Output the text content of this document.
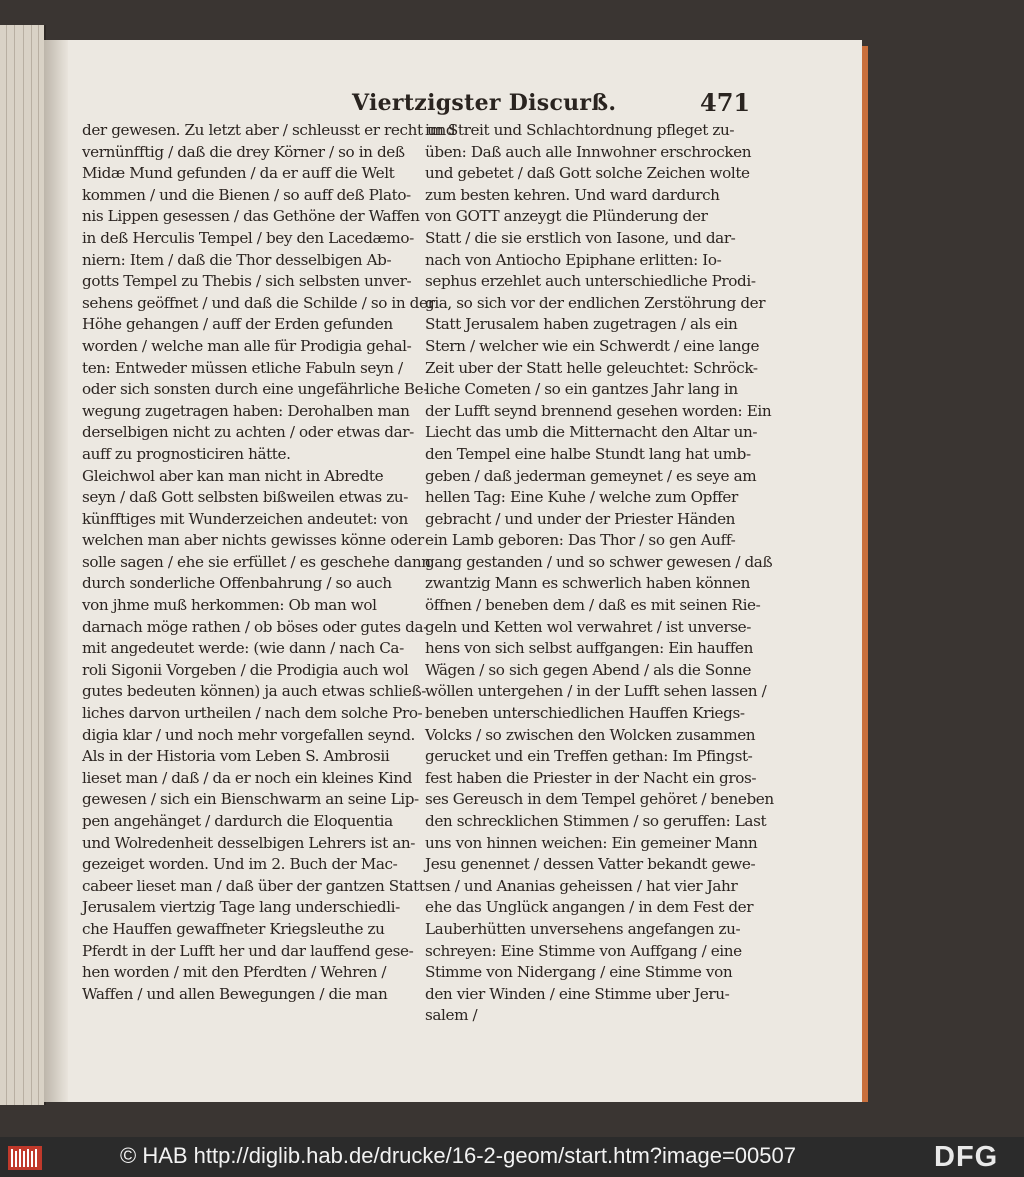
Viertzigster Discurß.	471
der gewesen. Zu letzt aber / schleusst er recht und
vernünfftig / daß die drey Körner / so in deß
Midæ Mund gefunden / da er auff die Welt
kommen / und die Bienen / so auff deß Plato-
nis Lippen gesessen / das Gethöne der Waffen
in deß Herculis Tempel / bey den Lacedæmo-
niern: Item / daß die Thor desselbigen Ab-
gotts Tempel zu Thebis / sich selbsten unver-
sehens geöffnet / und daß die Schilde / so in der
Höhe gehangen / auff der Erden gefunden
worden / welche man alle für Prodigia gehal-
ten: Entweder müssen etliche Fabuln seyn /
oder sich sonsten durch eine ungefährliche Be-
wegung zugetragen haben: Derohalben man
derselbigen nicht zu achten / oder etwas dar-
auff zu prognosticiren hätte.
Gleichwol aber kan man nicht in Abredte
seyn / daß Gott selbsten bißweilen etwas zu-
künfftiges mit Wunderzeichen andeutet: von
welchen man aber nichts gewisses könne oder
solle sagen / ehe sie erfüllet / es geschehe dann
durch sonderliche Offenbahrung / so auch
von jhme muß herkommen: Ob man wol
darnach möge rathen / ob böses oder gutes da-
mit angedeutet werde: (wie dann / nach Ca-
roli Sigonii Vorgeben / die Prodigia auch wol
gutes bedeuten können) ja auch etwas schließ-
liches darvon urtheilen / nach dem solche Pro-
digia klar / und noch mehr vorgefallen seynd.
Als in der Historia vom Leben S. Ambrosii
lieset man / daß / da er noch ein kleines Kind
gewesen / sich ein Bienschwarm an seine Lip-
pen angehänget / dardurch die Eloquentia
und Wolredenheit desselbigen Lehrers ist an-
gezeiget worden. Und im 2. Buch der Mac-
cabeer lieset man / daß über der gantzen Statt
Jerusalem viertzig Tage lang underschiedli-
che Hauffen gewaffneter Kriegsleuthe zu
Pferdt in der Lufft her und dar lauffend gese-
hen worden / mit den Pferdten / Wehren /
Waffen / und allen Bewegungen / die man
im Streit und Schlachtordnung pfleget zu-
üben: Daß auch alle Innwohner erschrocken
und gebetet / daß Gott solche Zeichen wolte
zum besten kehren. Und ward dardurch
von GOTT anzeygt die Plünderung der
Statt / die sie erstlich von Iasone, und dar-
nach von Antiocho Epiphane erlitten: Io-
sephus erzehlet auch unterschiedliche Prodi-
gia, so sich vor der endlichen Zerstöhrung der
Statt Jerusalem haben zugetragen / als ein
Stern / welcher wie ein Schwerdt / eine lange
Zeit uber der Statt helle geleuchtet: Schröck-
liche Cometen / so ein gantzes Jahr lang in
der Lufft seynd brennend gesehen worden: Ein
Liecht das umb die Mitternacht den Altar un-
den Tempel eine halbe Stundt lang hat umb-
geben / daß jederman gemeynet / es seye am
hellen Tag: Eine Kuhe / welche zum Opffer
gebracht / und under der Priester Händen
ein Lamb geboren: Das Thor / so gen Auff-
gang gestanden / und so schwer gewesen / daß
zwantzig Mann es schwerlich haben können
öffnen / beneben dem / daß es mit seinen Rie-
geln und Ketten wol verwahret / ist unverse-
hens von sich selbst auffgangen: Ein hauffen
Wägen / so sich gegen Abend / als die Sonne
wöllen untergehen / in der Lufft sehen lassen /
beneben unterschiedlichen Hauffen Kriegs-
Volcks / so zwischen den Wolcken zusammen
gerucket und ein Treffen gethan: Im Pfingst-
fest haben die Priester in der Nacht ein gros-
ses Gereusch in dem Tempel gehöret / beneben
den schrecklichen Stimmen / so geruffen: Last
uns von hinnen weichen: Ein gemeiner Mann
Jesu genennet / dessen Vatter bekandt gewe-
sen / und Ananias geheissen / hat vier Jahr
ehe das Unglück angangen / in dem Fest der
Lauberhütten unversehens angefangen zu-
schreyen: Eine Stimme von Auffgang / eine
Stimme von Nidergang / eine Stimme von
den vier Winden / eine Stimme uber Jeru-
salem /
© HAB http://diglib.hab.de/drucke/16-2-geom/start.htm?image=00507	DFG
